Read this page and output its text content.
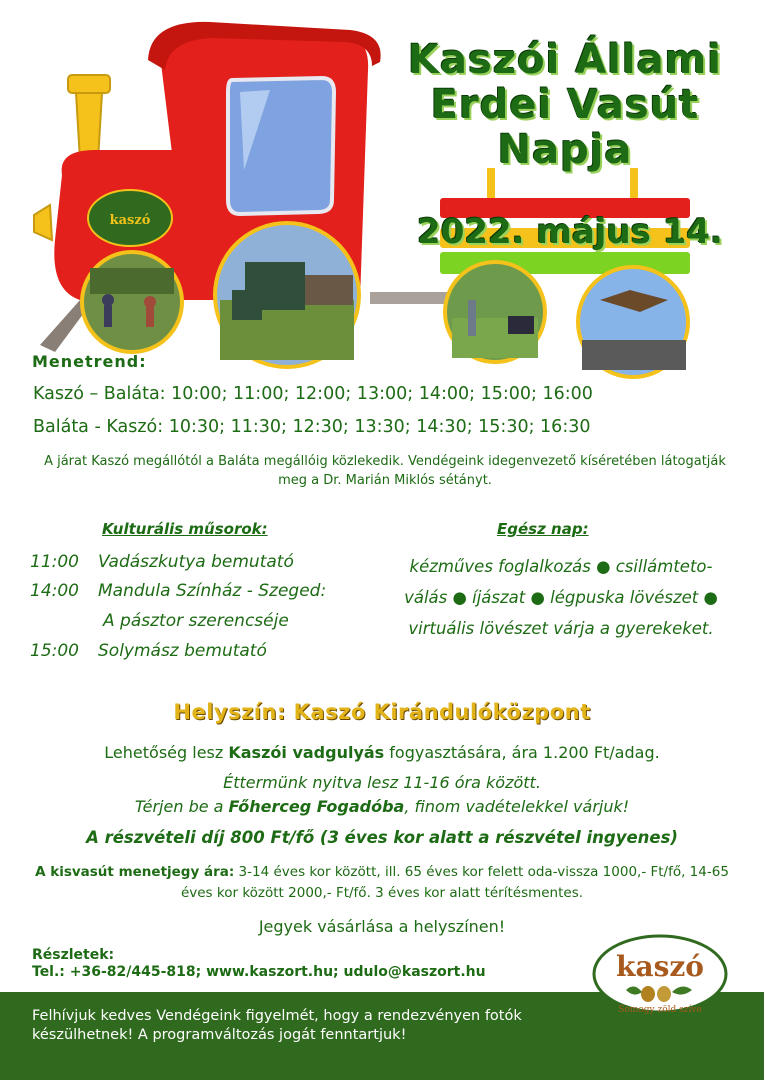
kaszó
Kaszói Állami
Erdei Vasút
Napja
2022. május 14.
Menetrend:
Kaszó – Baláta: 10:00; 11:00; 12:00; 13:00; 14:00; 15:00; 16:00
Baláta - Kaszó: 10:30; 11:30; 12:30; 13:30; 14:30; 15:30; 16:30
A járat Kaszó megállótól a Baláta megállóig közlekedik. Vendégeink idegenvezető kíséretében látogatják meg a Dr. Marián Miklós sétányt.
Kulturális műsorok:
11:00 Vadászkutya bemutató
14:00 Mandula Színház - Szeged:
A pásztor szerencséje
15:00 Solymász bemutató
Egész nap:
kézműves foglalkozás ● csillámteto-
válás ● íjászat ● légpuska lövészet ●
virtuális lövészet várja a gyerekeket.
Helyszín: Kaszó Kirándulóközpont
Lehetőség lesz Kaszói vadgulyás fogyasztására, ára 1.200 Ft/adag.
Éttermünk nyitva lesz 11-16 óra között.
Térjen be a Főherceg Fogadóba, finom vadételekkel várjuk!
A részvételi díj 800 Ft/fő (3 éves kor alatt a részvétel ingyenes)
A kisvasút menetjegy ára: 3-14 éves kor között, ill. 65 éves kor felett oda-vissza 1000,- Ft/fő, 14-65 éves kor között 2000,- Ft/fő. 3 éves kor alatt térítésmentes.
Jegyek vásárlása a helyszínen!
Részletek:
Tel.: +36-82/445-818; www.kaszort.hu; udulo@kaszort.hu
Felhívjuk kedves Vendégeink figyelmét, hogy a rendezvényen fotók készülhetnek! A programváltozás jogát fenntartjuk!
kaszó
Somogy zöld szíve
